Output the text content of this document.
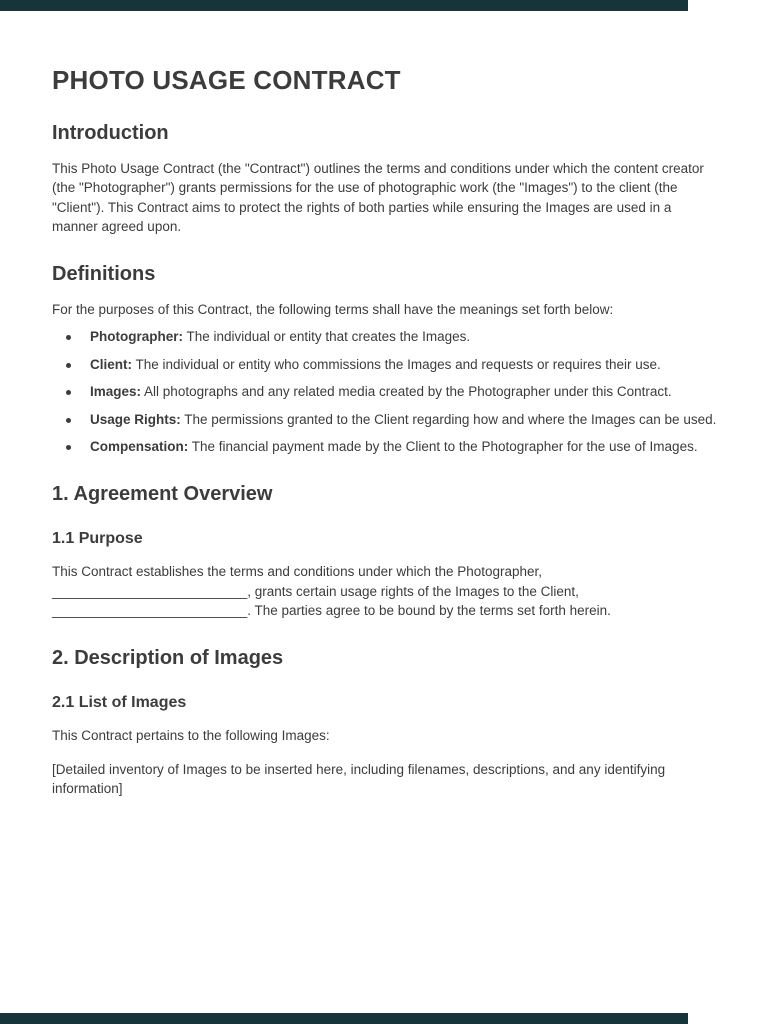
PHOTO USAGE CONTRACT
Introduction

This Photo Usage Contract (the "Contract") outlines the terms and conditions under which the content creator (the "Photographer") grants permissions for the use of photographic work (the "Images") to the client (the "Client"). This Contract aims to protect the rights of both parties while ensuring the Images are used in a manner agreed upon.

Definitions

For the purposes of this Contract, the following terms shall have the meanings set forth below:

Photographer: The individual or entity that creates the Images.
Client: The individual or entity who commissions the Images and requests or requires their use.
Images: All photographs and any related media created by the Photographer under this Contract.
Usage Rights: The permissions granted to the Client regarding how and where the Images can be used.
Compensation: The financial payment made by the Client to the Photographer for the use of Images.
1. Agreement Overview
1.1 Purpose

This Contract establishes the terms and conditions under which the Photographer,
__________________________, grants certain usage rights of the Images to the Client,
__________________________. The parties agree to be bound by the terms set forth herein.

2. Description of Images
2.1 List of Images

This Contract pertains to the following Images:

[Detailed inventory of Images to be inserted here, including filenames, descriptions, and any identifying information]
